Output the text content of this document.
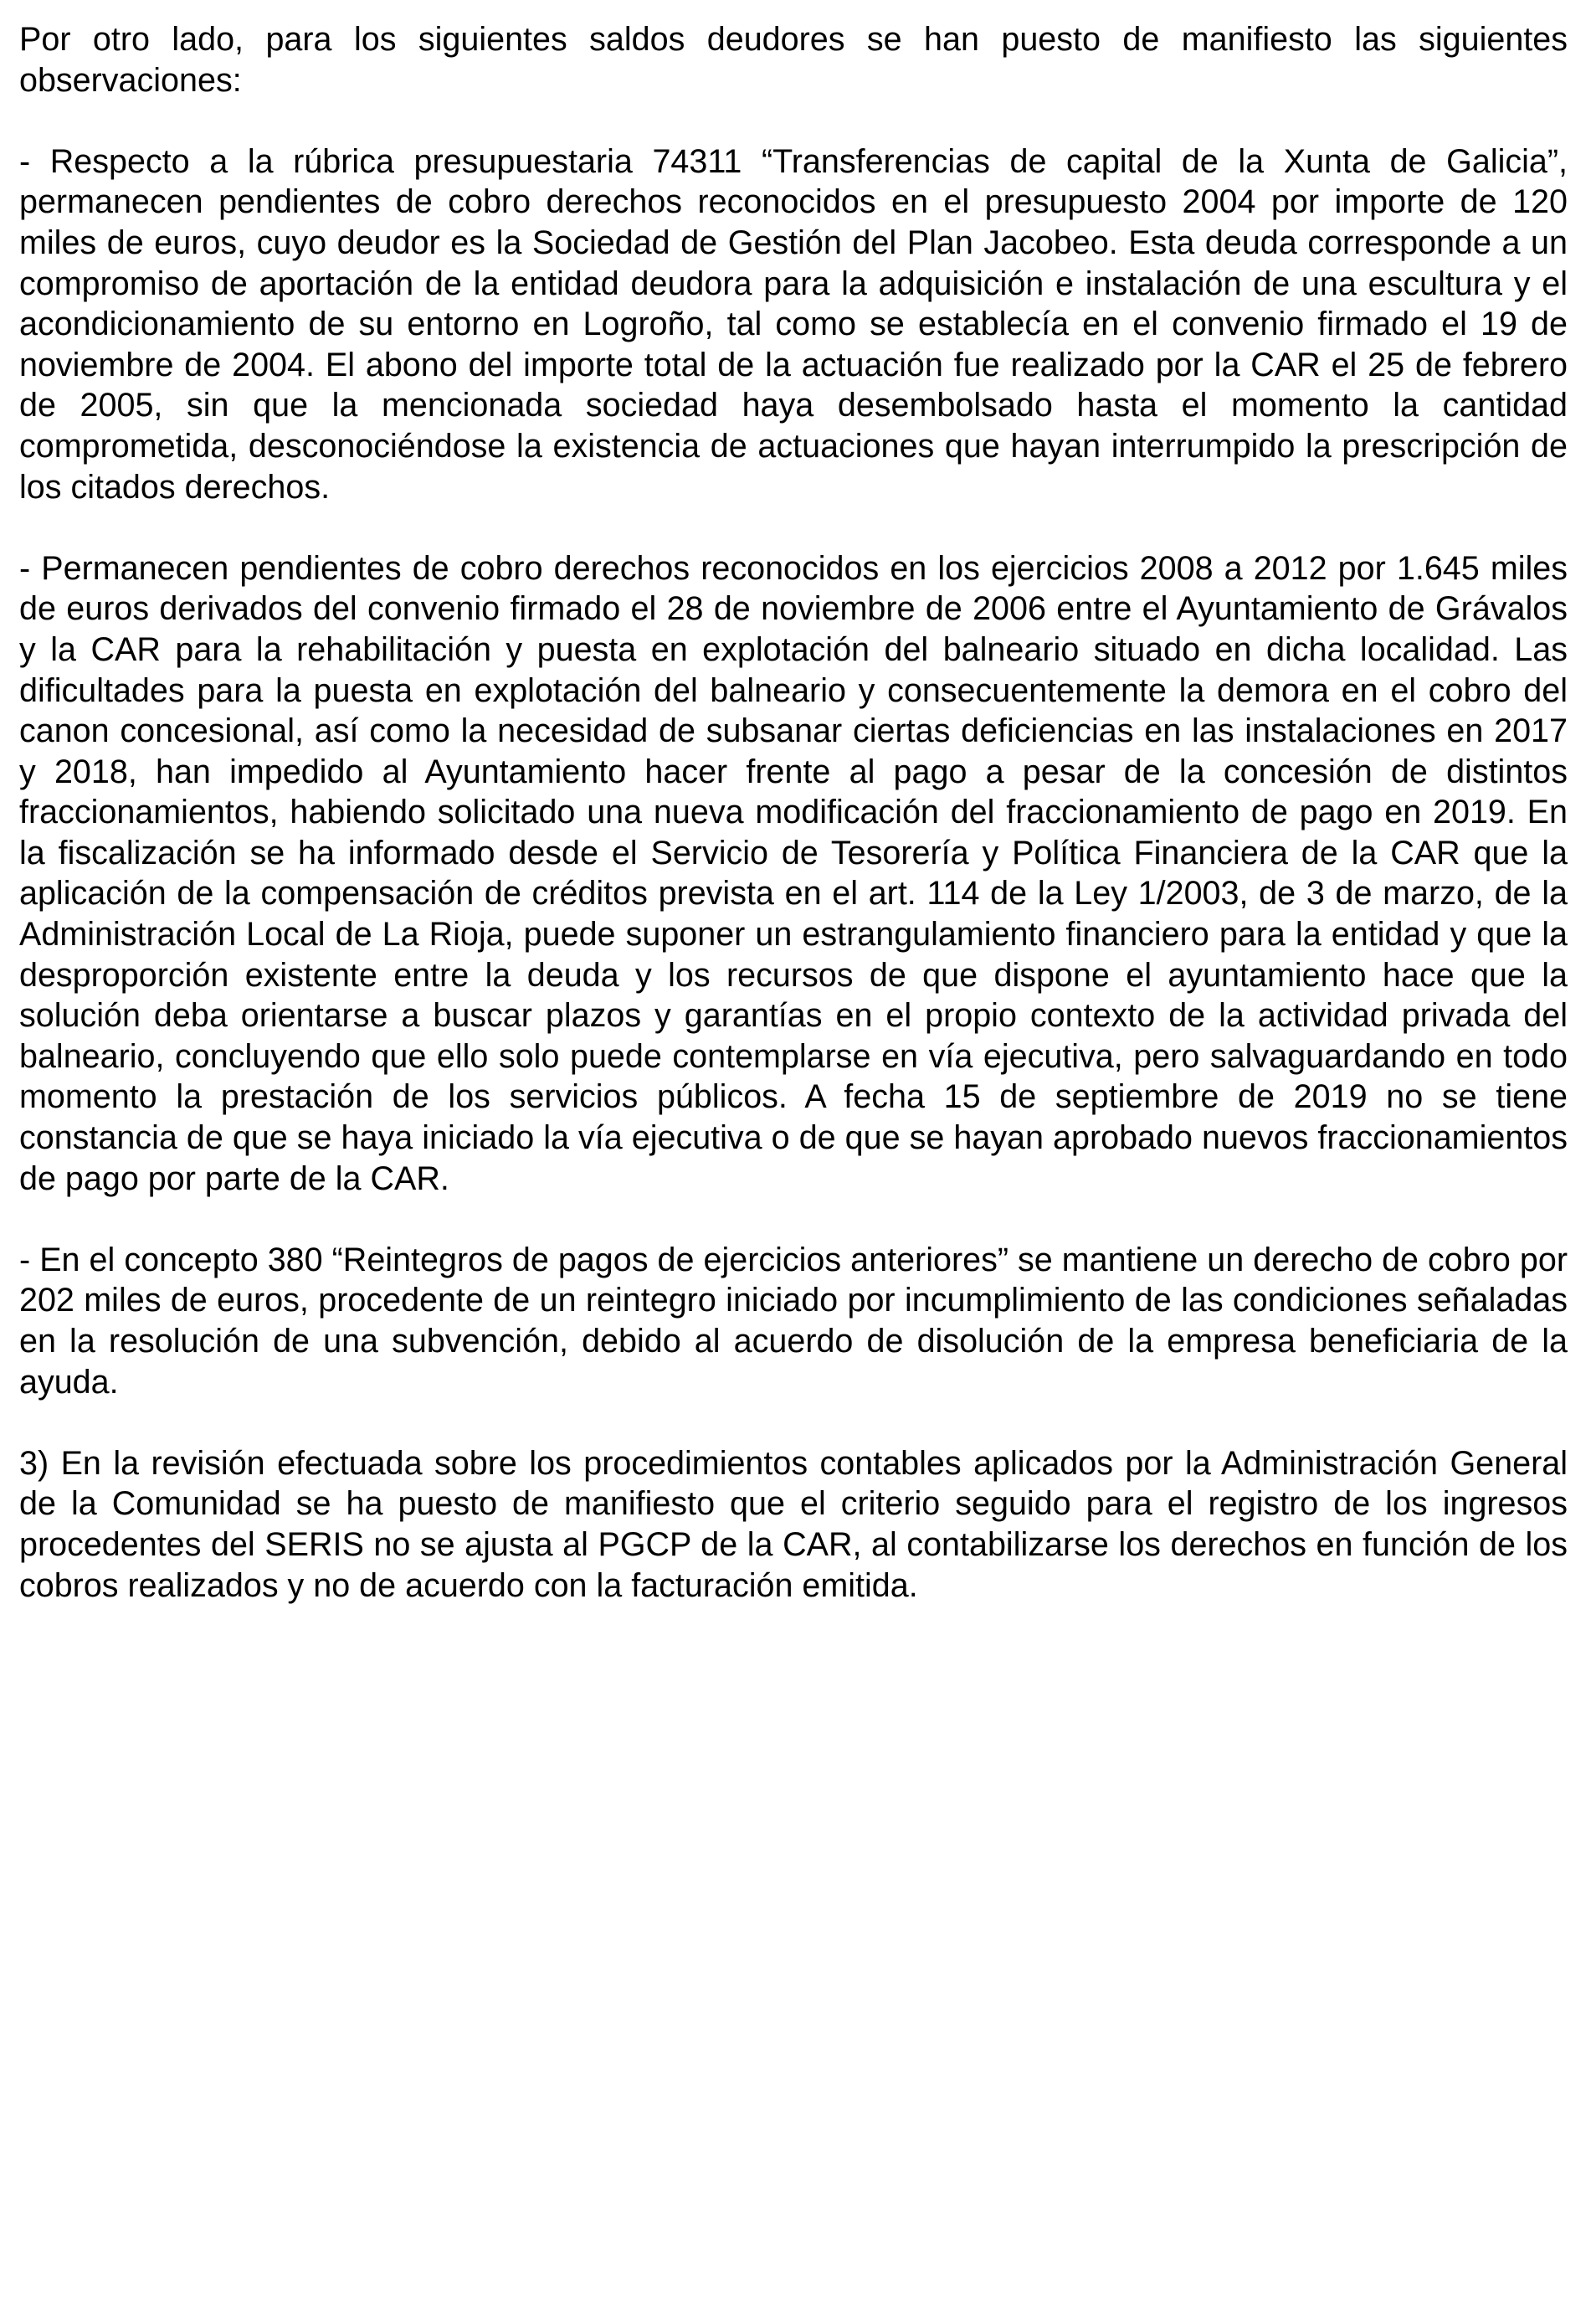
Por otro lado, para los siguientes saldos deudores se han puesto de manifiesto las siguientes observaciones:

- Respecto a la rúbrica presupuestaria 74311 “Transferencias de capital de la Xunta de Galicia”, permanecen pendientes de cobro derechos reconocidos en el presupuesto 2004 por importe de 120 miles de euros, cuyo deudor es la Sociedad de Gestión del Plan Jacobeo. Esta deuda corresponde a un compromiso de aportación de la entidad deudora para la adquisición e instalación de una escultura y el acondicionamiento de su entorno en Logroño, tal como se establecía en el convenio firmado el 19 de noviembre de 2004. El abono del importe total de la actuación fue realizado por la CAR el 25 de febrero de 2005, sin que la mencionada sociedad haya desembolsado hasta el momento la cantidad comprometida, desconociéndose la existencia de actuaciones que hayan interrumpido la prescripción de los citados derechos.

- Permanecen pendientes de cobro derechos reconocidos en los ejercicios 2008 a 2012 por 1.645 miles de euros derivados del convenio firmado el 28 de noviembre de 2006 entre el Ayuntamiento de Grávalos y la CAR para la rehabilitación y puesta en explotación del balneario situado en dicha localidad. Las dificultades para la puesta en explotación del balneario y consecuentemente la demora en el cobro del canon concesional, así como la necesidad de subsanar ciertas deficiencias en las instalaciones en 2017 y 2018, han impedido al Ayuntamiento hacer frente al pago a pesar de la concesión de distintos fraccionamientos, habiendo solicitado una nueva modificación del fraccionamiento de pago en 2019. En la fiscalización se ha informado desde el Servicio de Tesorería y Política Financiera de la CAR que la aplicación de la compensación de créditos prevista en el art. 114 de la Ley 1/2003, de 3 de marzo, de la Administración Local de La Rioja, puede suponer un estrangulamiento financiero para la entidad y que la desproporción existente entre la deuda y los recursos de que dispone el ayuntamiento hace que la solución deba orientarse a buscar plazos y garantías en el propio contexto de la actividad privada del balneario, concluyendo que ello solo puede contemplarse en vía ejecutiva, pero salvaguardando en todo momento la prestación de los servicios públicos. A fecha 15 de septiembre de 2019 no se tiene constancia de que se haya iniciado la vía ejecutiva o de que se hayan aprobado nuevos fraccionamientos de pago por parte de la CAR.

- En el concepto 380 “Reintegros de pagos de ejercicios anteriores” se mantiene un derecho de cobro por 202 miles de euros, procedente de un reintegro iniciado por incumplimiento de las condiciones señaladas en la resolución de una subvención, debido al acuerdo de disolución de la empresa beneficiaria de la ayuda.

3) En la revisión efectuada sobre los procedimientos contables aplicados por la Administración General de la Comunidad se ha puesto de manifiesto que el criterio seguido para el registro de los ingresos procedentes del SERIS no se ajusta al PGCP de la CAR, al contabilizarse los derechos en función de los cobros realizados y no de acuerdo con la facturación emitida.
